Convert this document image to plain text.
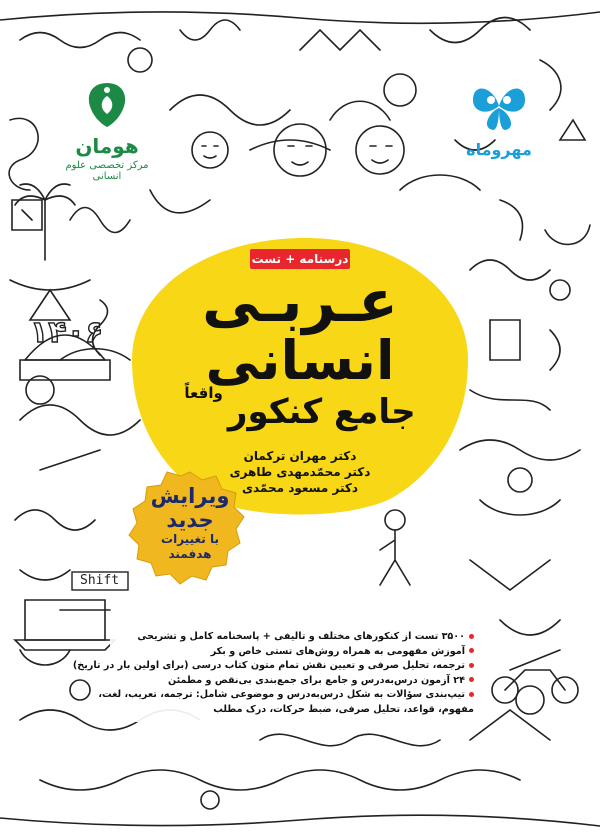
Shift
۱۴۰۶
هومان
مرکز تخصصی علوم انسانی
مهروماه
درسنامه + تست
عـربـی
انسانی
جامع کنکور واقعاً
دکتر مهران ترکمان
دکتر محمّدمهدی طاهری
دکتر مسعود محمّدی
ویرایش
جدید
با تغییرات
هدفمند
۳۵۰۰ تست از کنکورهای مختلف و تالیفی + پاسخنامه کامل و تشریحی
آموزش مفهومی به همراه روش‌های تستی خاص و بکر
ترجمه، تحلیل صرفی و تعیین نقش تمام متون کتاب درسی (برای اولین بار در تاریخ)
۲۴ آزمون درس‌به‌درس و جامع برای جمع‌بندی بی‌نقص و مطمئن
تیپ‌بندی سؤالات به شکل درس‌به‌درس و موضوعی شامل: ترجمه، تعریب، لغت،
مفهوم، قواعد، تحلیل صرفی، ضبط حرکات، درک مطلب
